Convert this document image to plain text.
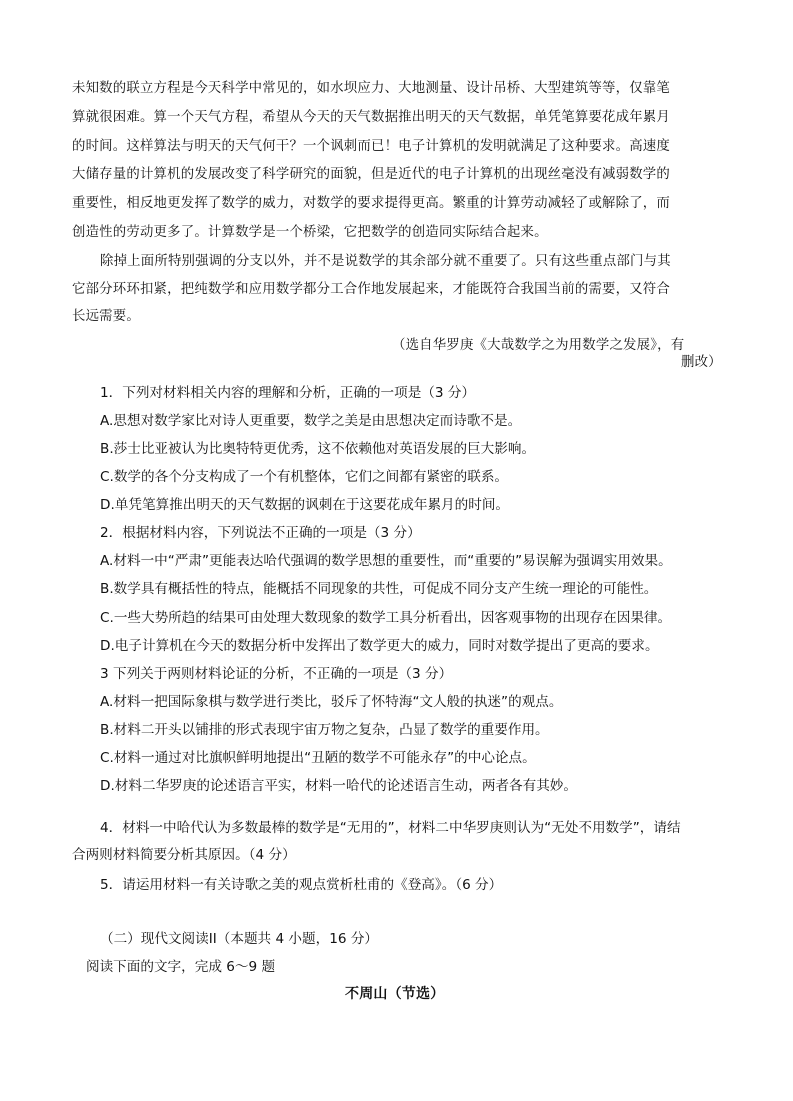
未知数的联立方程是今天科学中常见的，如水坝应力、大地测量、设计吊桥、大型建筑等等，仅靠笔
算就很困难。算一个天气方程，希望从今天的天气数据推出明天的天气数据，单凭笔算要花成年累月
的时间。这样算法与明天的天气何干？一个讽刺而已！电子计算机的发明就满足了这种要求。高速度
大储存量的计算机的发展改变了科学研究的面貌，但是近代的电子计算机的出现丝毫没有减弱数学的
重要性，相反地更发挥了数学的威力，对数学的要求提得更高。繁重的计算劳动减轻了或解除了，而
创造性的劳动更多了。计算数学是一个桥梁，它把数学的创造同实际结合起来。
除掉上面所特别强调的分支以外，并不是说数学的其余部分就不重要了。只有这些重点部门与其
它部分环环扣紧，把纯数学和应用数学都分工合作地发展起来，才能既符合我国当前的需要，又符合
长远需要。
（选自华罗庚《大哉数学之为用数学之发展》，有
删改）
1．下列对材料相关内容的理解和分析，正确的一项是（3 分）
A.思想对数学家比对诗人更重要，数学之美是由思想决定而诗歌不是。
B.莎士比亚被认为比奥特特更优秀，这不依赖他对英语发展的巨大影响。
C.数学的各个分支构成了一个有机整体，它们之间都有紧密的联系。
D.单凭笔算推出明天的天气数据的讽刺在于这要花成年累月的时间。
2．根据材料内容，下列说法不正确的一项是（3 分）
A.材料一中“严肃”更能表达哈代强调的数学思想的重要性，而“重要的”易误解为强调实用效果。
B.数学具有概括性的特点，能概括不同现象的共性，可促成不同分支产生统一理论的可能性。
C.一些大势所趋的结果可由处理大数现象的数学工具分析看出，因客观事物的出现存在因果律。
D.电子计算机在今天的数据分析中发挥出了数学更大的威力，同时对数学提出了更高的要求。
3 下列关于两则材料论证的分析，不正确的一项是（3 分）
A.材料一把国际象棋与数学进行类比，驳斥了怀特海“文人般的执迷”的观点。
B.材料二开头以铺排的形式表现宇宙万物之复杂，凸显了数学的重要作用。
C.材料一通过对比旗帜鲜明地提出“丑陋的数学不可能永存”的中心论点。
D.材料二华罗庚的论述语言平实，材料一哈代的论述语言生动，两者各有其妙。
4．材料一中哈代认为多数最棒的数学是“无用的”，材料二中华罗庚则认为“无处不用数学”，请结
合两则材料简要分析其原因。（4 分）
5．请运用材料一有关诗歌之美的观点赏析杜甫的《登高》。（6 分）
（二）现代文阅读II（本题共 4 小题，16 分）
阅读下面的文字，完成 6～9 题
不周山（节选）
